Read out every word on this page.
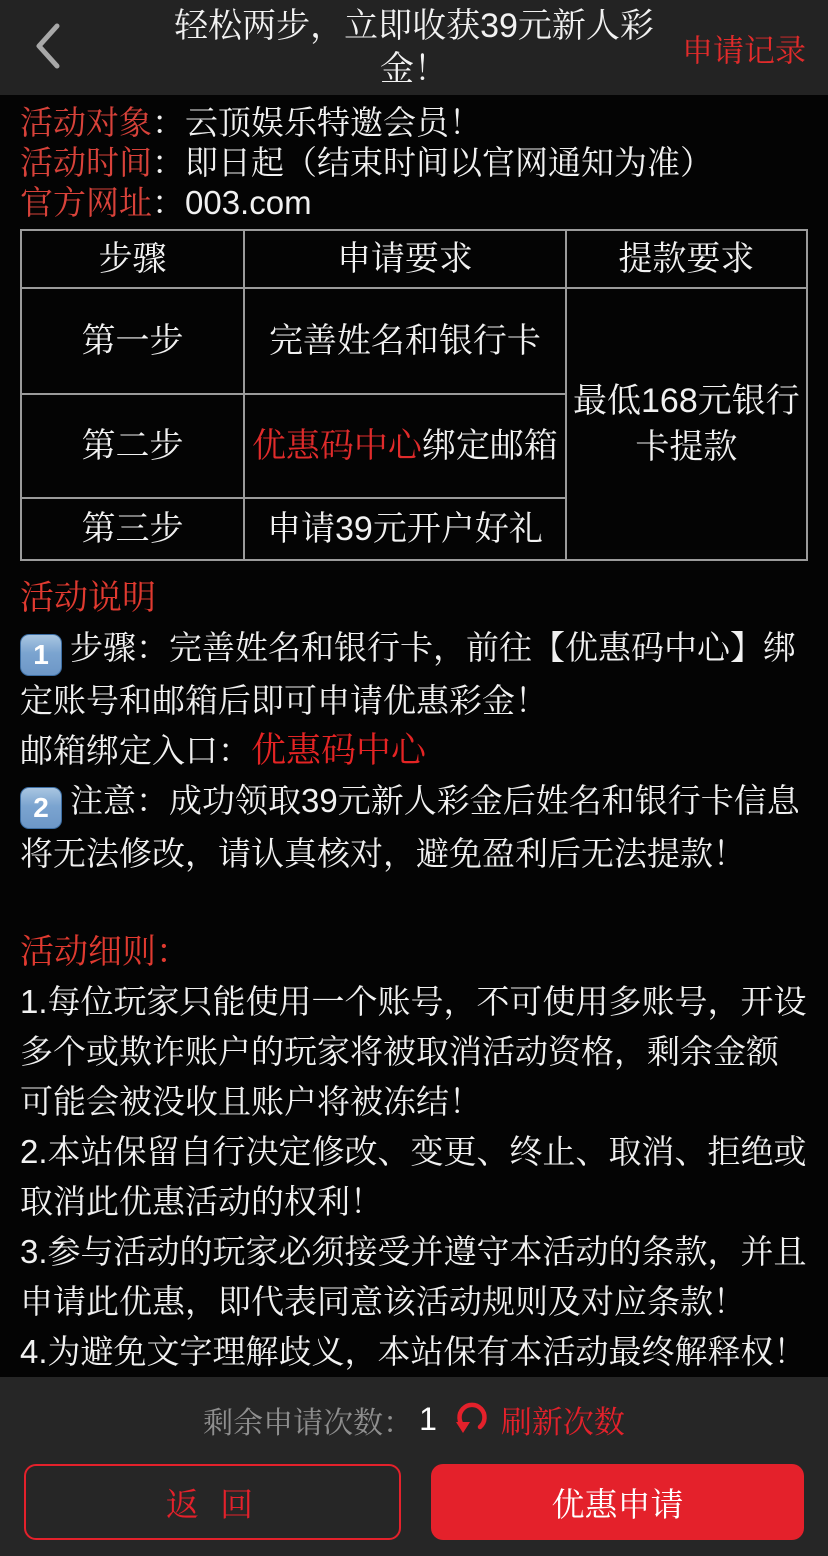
轻松两步，立即收获39元新人彩金！	申请记录
活动对象：云顶娱乐特邀会员！
活动时间：即日起（结束时间以官网通知为准）
官方网址：003.com
步骤	申请要求	提款要求
第一步	完善姓名和银行卡	最低168元银行卡提款
第二步	优惠码中心绑定邮箱	
第三步	申请39元开户好礼	
活动说明
1 步骤：完善姓名和银行卡，前往【优惠码中心】绑定账号和邮箱后即可申请优惠彩金！
邮箱绑定入口：优惠码中心
2 注意：成功领取39元新人彩金后姓名和银行卡信息将无法修改，请认真核对，避免盈利后无法提款！
活动细则：
1.每位玩家只能使用一个账号，不可使用多账号，开设多个或欺诈账户的玩家将被取消活动资格，剩余金额可能会被没收且账户将被冻结！
2.本站保留自行决定修改、变更、终止、取消、拒绝或取消此优惠活动的权利！
3.参与活动的玩家必须接受并遵守本活动的条款，并且申请此优惠，即代表同意该活动规则及对应条款！
4.为避免文字理解歧义，本站保有本活动最终解释权！
剩余申请次数： 1 刷新次数
返 回	优惠申请
